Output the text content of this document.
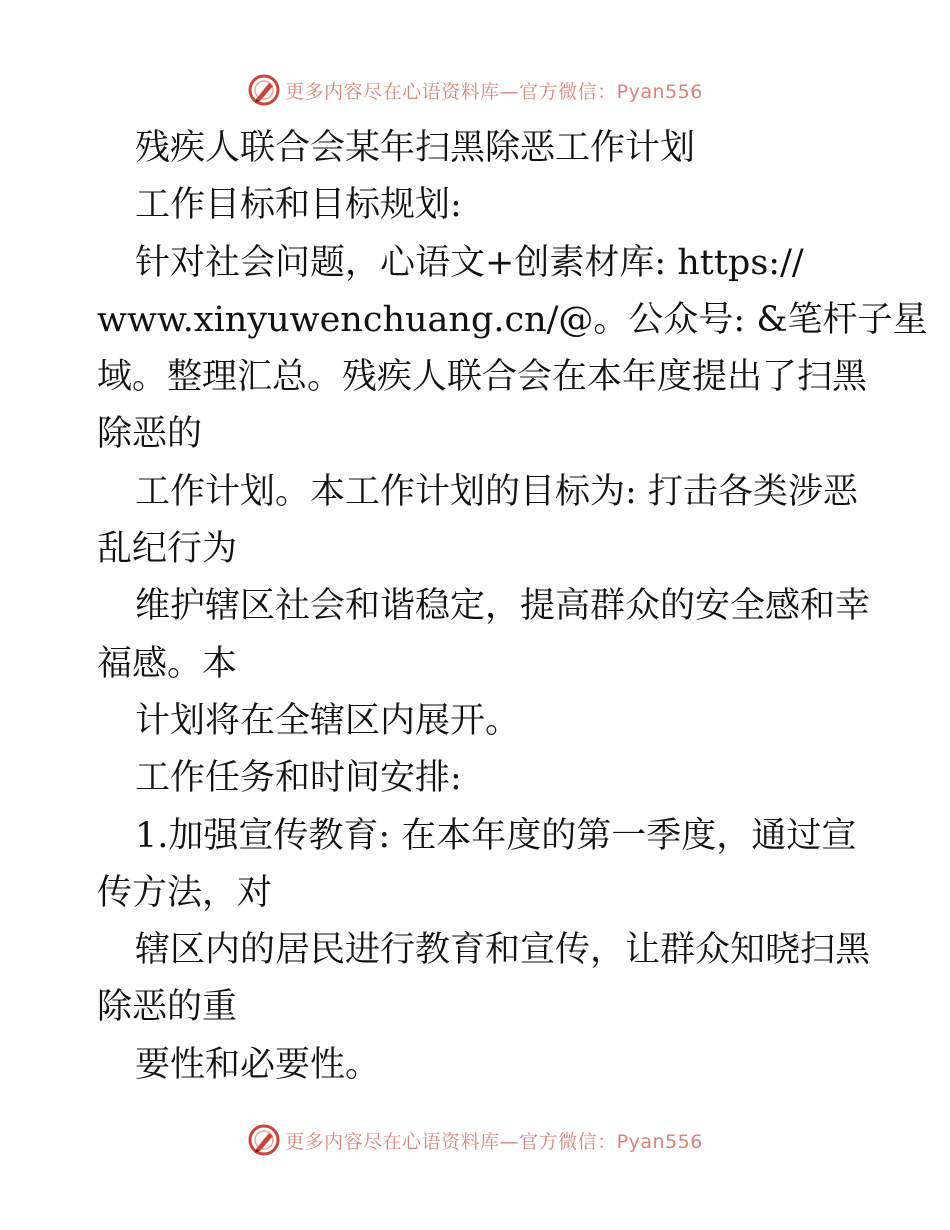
更多内容尽在心语资料库—官方微信：Pyan556
残疾人联合会某年扫黑除恶工作计划
工作目标和目标规划:
针对社会问题，心语文+创素材库: https://
www.xinyuwenchuang.cn/@。公众号: &笔杆子星
域。整理汇总。残疾人联合会在本年度提出了扫黑
除恶的
工作计划。本工作计划的目标为: 打击各类涉恶
乱纪行为
维护辖区社会和谐稳定，提高群众的安全感和幸
福感。本
计划将在全辖区内展开。
工作任务和时间安排:
1.加强宣传教育: 在本年度的第一季度，通过宣
传方法，对
辖区内的居民进行教育和宣传，让群众知晓扫黑
除恶的重
要性和必要性。
更多内容尽在心语资料库—官方微信：Pyan556
